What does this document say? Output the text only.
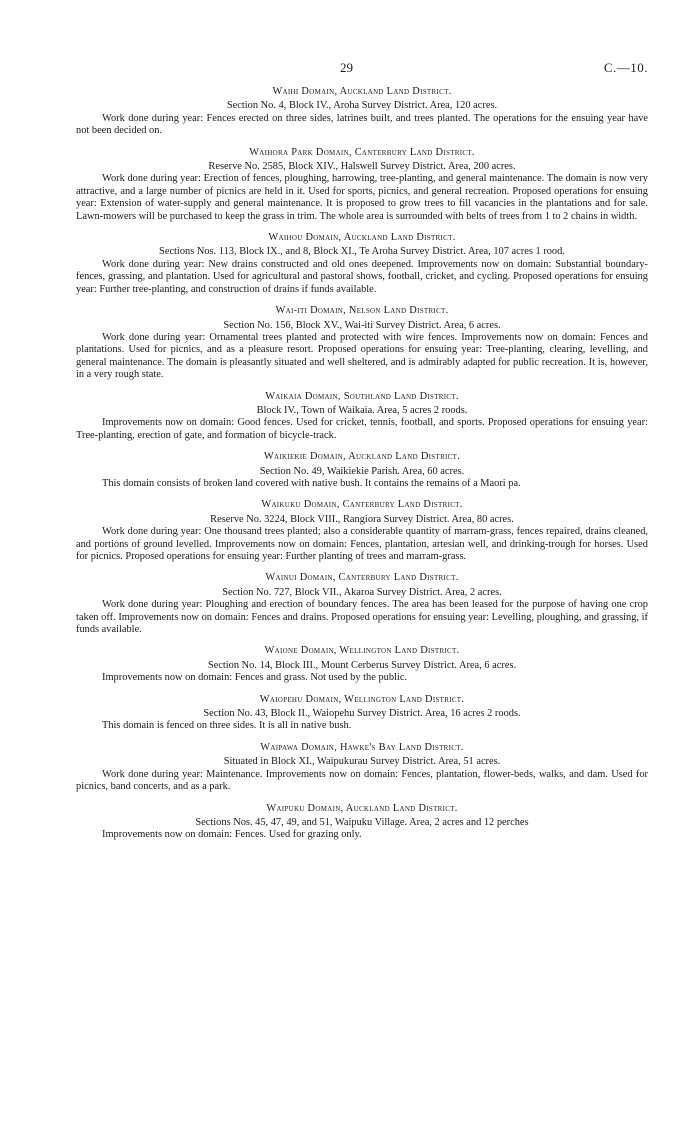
29	C.—10.
Waihi Domain, Auckland Land District.
Section No. 4, Block IV., Aroha Survey District. Area, 120 acres.

Work done during year: Fences erected on three sides, latrines built, and trees planted. The operations for the ensuing year have not been decided on.

Waihora Park Domain, Canterbury Land District.
Reserve No. 2585, Block XIV., Halswell Survey District. Area, 200 acres.

Work done during year: Erection of fences, ploughing, harrowing, tree-planting, and general maintenance. The domain is now very attractive, and a large number of picnics are held in it. Used for sports, picnics, and general recreation. Proposed operations for ensuing year: Extension of water-supply and general maintenance. It is proposed to grow trees to fill vacancies in the plantations and for sale. Lawn-mowers will be purchased to keep the grass in trim. The whole area is surrounded with belts of trees from 1 to 2 chains in width.

Waihou Domain, Auckland Land District.
Sections Nos. 113, Block IX., and 8, Block XI., Te Aroha Survey District. Area, 107 acres 1 rood.

Work done during year: New drains constructed and old ones deepened. Improvements now on domain: Substantial boundary-fences, grassing, and plantation. Used for agricultural and pastoral shows, football, cricket, and cycling. Proposed operations for ensuing year: Further tree-planting, and construction of drains if funds available.

Wai-iti Domain, Nelson Land District.
Section No. 156, Block XV., Wai-iti Survey District. Area, 6 acres.

Work done during year: Ornamental trees planted and protected with wire fences. Improvements now on domain: Fences and plantations. Used for picnics, and as a pleasure resort. Proposed operations for ensuing year: Tree-planting, clearing, levelling, and general maintenance. The domain is pleasantly situated and well sheltered, and is admirably adapted for public recreation. It is, however, in a very rough state.

Waikaia Domain, Southland Land District.
Block IV., Town of Waikaia. Area, 5 acres 2 roods.

Improvements now on domain: Good fences. Used for cricket, tennis, football, and sports. Proposed operations for ensuing year: Tree-planting, erection of gate, and formation of bicycle-track.

Waikiekie Domain, Auckland Land District.
Section No. 49, Waikiekie Parish. Area, 60 acres.

This domain consists of broken land covered with native bush. It contains the remains of a Maori pa.

Waikuku Domain, Canterbury Land District.
Reserve No. 3224, Block VIII., Rangiora Survey District. Area, 80 acres.

Work done during year: One thousand trees planted; also a considerable quantity of marram-grass, fences repaired, drains cleaned, and portions of ground levelled. Improvements now on domain: Fences, plantation, artesian well, and drinking-trough for horses. Used for picnics. Proposed operations for ensuing year: Further planting of trees and marram-grass.

Wainui Domain, Canterbury Land District.
Section No. 727, Block VII., Akaroa Survey District. Area, 2 acres.

Work done during year: Ploughing and erection of boundary fences. The area has been leased for the purpose of having one crop taken off. Improvements now on domain: Fences and drains. Proposed operations for ensuing year: Levelling, ploughing, and grassing, if funds available.

Waione Domain, Wellington Land District.
Section No. 14, Block III., Mount Cerberus Survey District. Area, 6 acres.

Improvements now on domain: Fences and grass. Not used by the public.

Waiopehu Domain, Wellington Land District.
Section No. 43, Block II., Waiopehu Survey District. Area, 16 acres 2 roods.

This domain is fenced on three sides. It is all in native bush.

Waipawa Domain, Hawke's Bay Land District.
Situated in Block XI., Waipukurau Survey District. Area, 51 acres.

Work done during year: Maintenance. Improvements now on domain: Fences, plantation, flower-beds, walks, and dam. Used for picnics, band concerts, and as a park.

Waipuku Domain, Auckland Land District.
Sections Nos. 45, 47, 49, and 51, Waipuku Village. Area, 2 acres and 12 perches

Improvements now on domain: Fences. Used for grazing only.
